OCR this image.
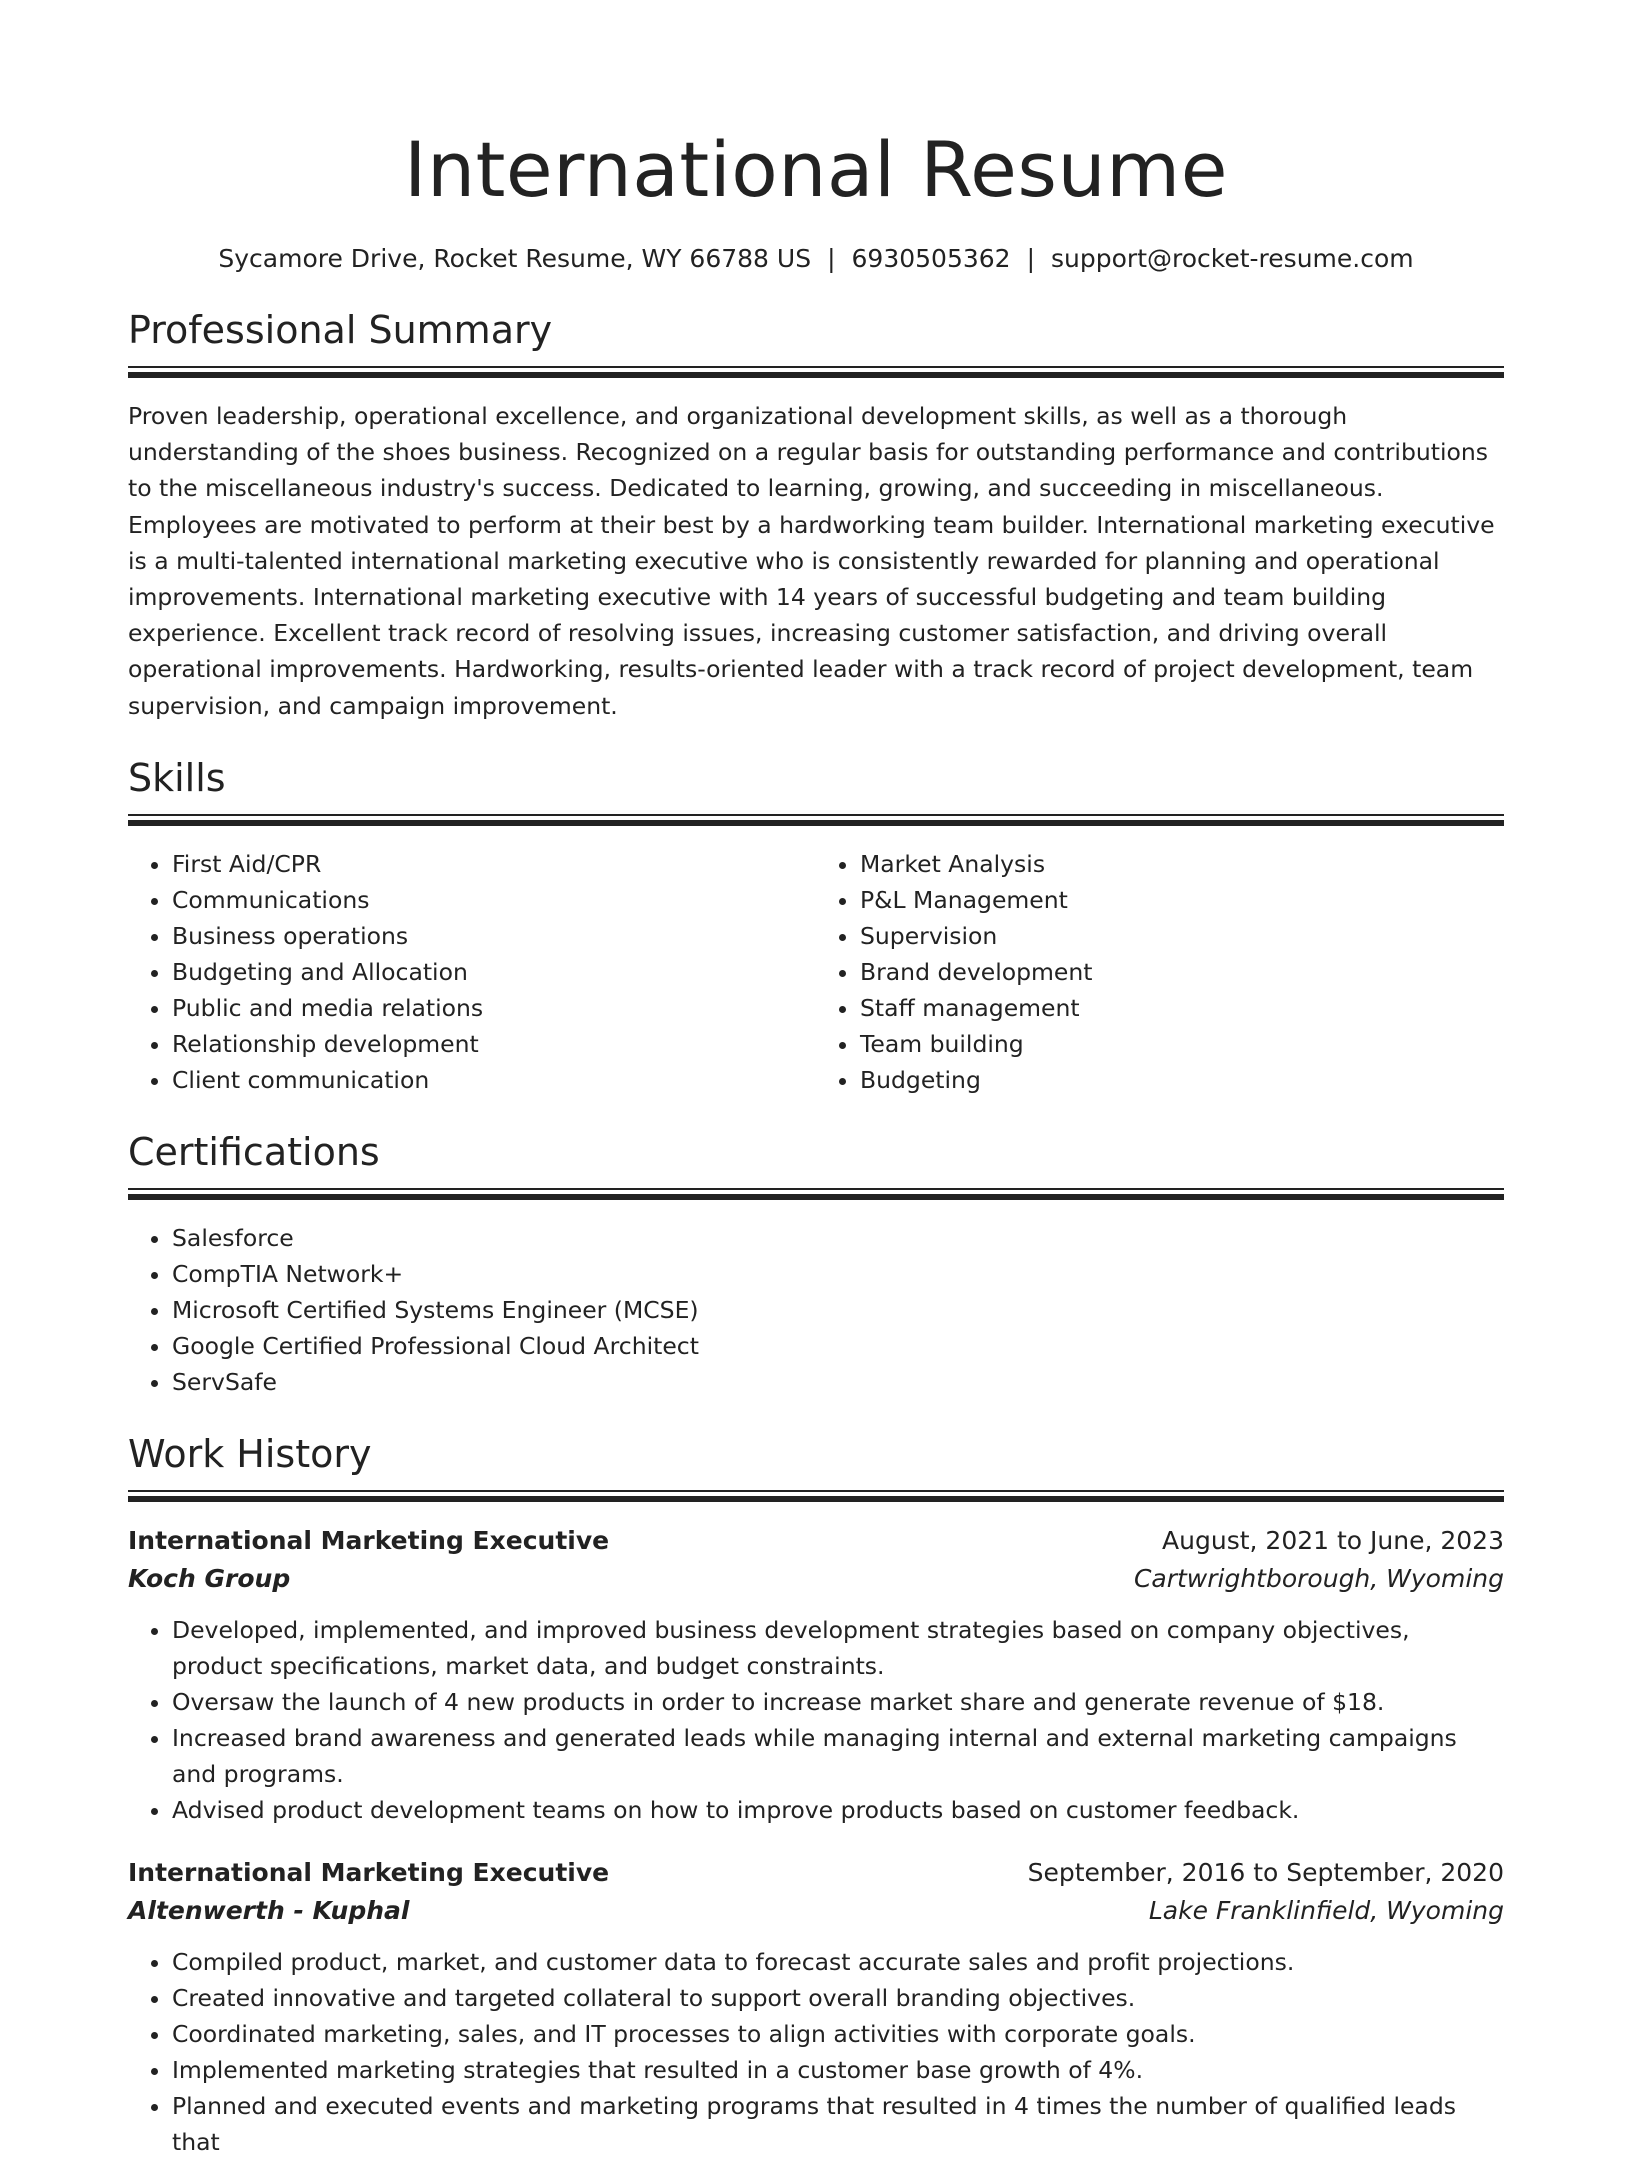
International Resume
Sycamore Drive, Rocket Resume, WY 66788 US | 6930505362 | support@rocket-resume.com
Professional Summary

Proven leadership, operational excellence, and organizational development skills, as well as a thorough understanding of the shoes business. Recognized on a regular basis for outstanding performance and contributions to the miscellaneous industry's success. Dedicated to learning, growing, and succeeding in miscellaneous. Employees are motivated to perform at their best by a hardworking team builder. International marketing executive is a multi-talented international marketing executive who is consistently rewarded for planning and operational improvements. International marketing executive with 14 years of successful budgeting and team building experience. Excellent track record of resolving issues, increasing customer satisfaction, and driving overall operational improvements. Hardworking, results-oriented leader with a track record of project development, team supervision, and campaign improvement.

Skills
• First Aid/CPR
• Communications
• Business operations
• Budgeting and Allocation
• Public and media relations
• Relationship development
• Client communication
• Market Analysis
• P&L Management
• Supervision
• Brand development
• Staff management
• Team building
• Budgeting
Certifications
• Salesforce
• CompTIA Network+
• Microsoft Certified Systems Engineer (MCSE)
• Google Certified Professional Cloud Architect
• ServSafe
Work History
International Marketing Executive	August, 2021 to June, 2023
Koch Group	Cartwrightborough, Wyoming
• Developed, implemented, and improved business development strategies based on company objectives, product specifications, market data, and budget constraints.
• Oversaw the launch of 4 new products in order to increase market share and generate revenue of $18.
• Increased brand awareness and generated leads while managing internal and external marketing campaigns and programs.
• Advised product development teams on how to improve products based on customer feedback.
International Marketing Executive	September, 2016 to September, 2020
Altenwerth - Kuphal	Lake Franklinfield, Wyoming
• Compiled product, market, and customer data to forecast accurate sales and profit projections.
• Created innovative and targeted collateral to support overall branding objectives.
• Coordinated marketing, sales, and IT processes to align activities with corporate goals.
• Implemented marketing strategies that resulted in a customer base growth of 4%.
• Planned and executed events and marketing programs that resulted in 4 times the number of qualified leads that
